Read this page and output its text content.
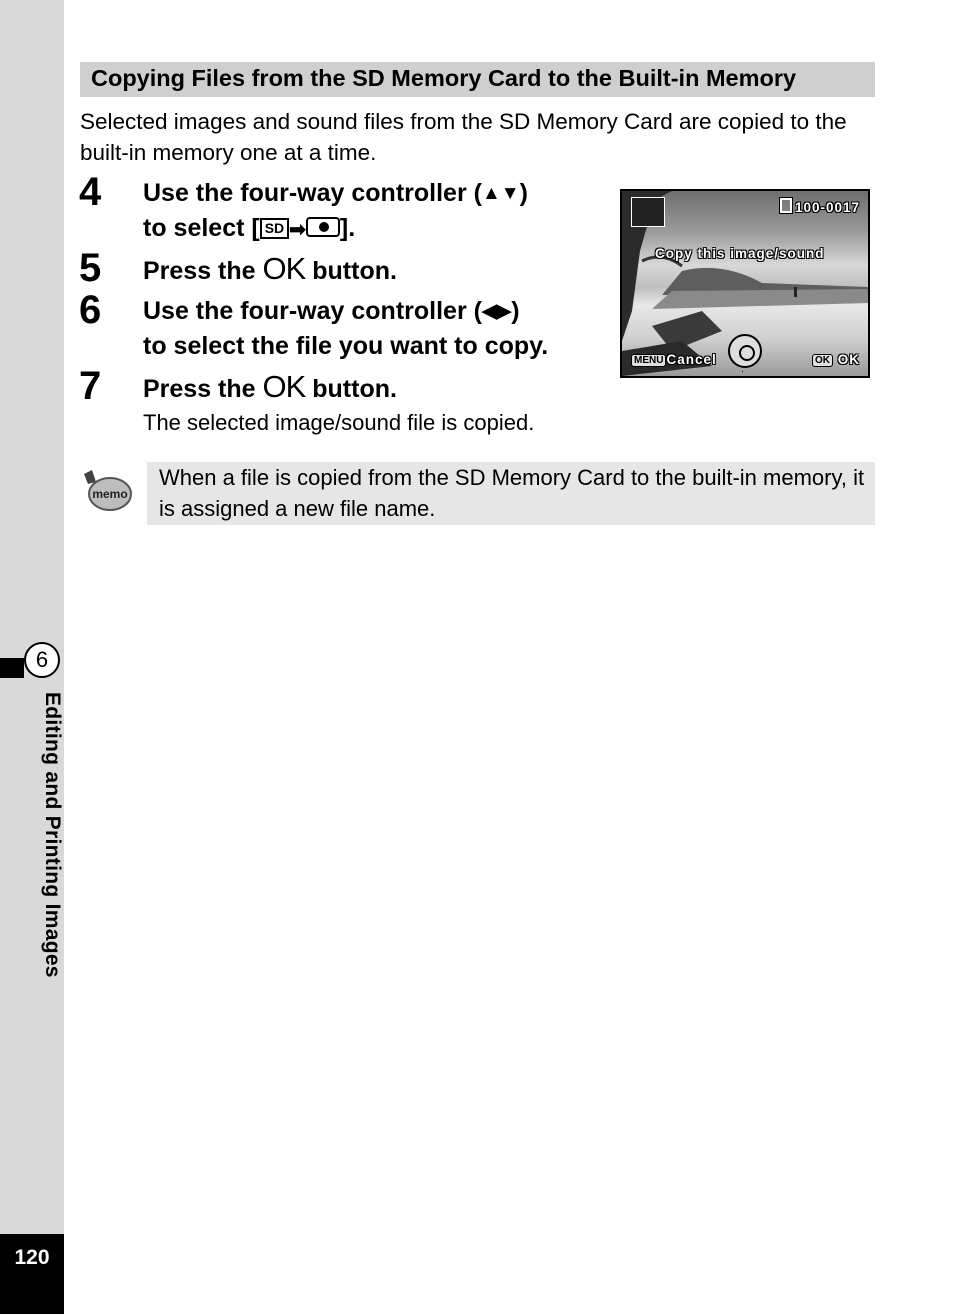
6
Editing and Printing Images
120
Copying Files from the SD Memory Card to the Built-in Memory
Selected images and sound files from the SD Memory Card are copied to the built-in memory one at a time.
4 Use the four-way controller (▲▼)
to select [ SD ➡ ].
5 Press the OK button.
6 Use the four-way controller (◀▶)
to select the file you want to copy.
7 Press the OK button.
The selected image/sound file is copied.
100-0017
Copy this image/sound
MENU Cancel	OK OK
memo
When a file is copied from the SD Memory Card to the built-in memory, it is assigned a new file name.
